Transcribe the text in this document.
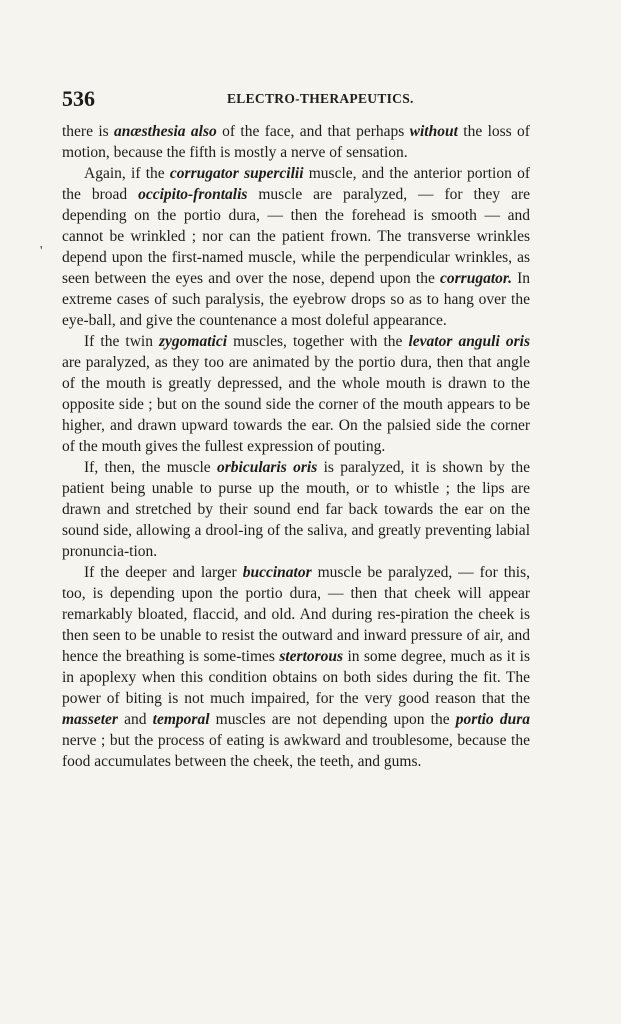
536	ELECTRO-THERAPEUTICS.
'

there is anæsthesia also of the face, and that perhaps without the loss of motion, because the fifth is mostly a nerve of sensation.

Again, if the corrugator supercilii muscle, and the anterior portion of the broad occipito-frontalis muscle are paralyzed, — for they are depending on the portio dura, — then the forehead is smooth — and cannot be wrinkled ; nor can the patient frown. The transverse wrinkles depend upon the first-named muscle, while the perpendicular wrinkles, as seen between the eyes and over the nose, depend upon the corrugator. In extreme cases of such paralysis, the eyebrow drops so as to hang over the eye-ball, and give the countenance a most doleful appearance.

If the twin zygomatici muscles, together with the levator anguli oris are paralyzed, as they too are animated by the portio dura, then that angle of the mouth is greatly depressed, and the whole mouth is drawn to the opposite side ; but on the sound side the corner of the mouth appears to be higher, and drawn upward towards the ear. On the palsied side the corner of the mouth gives the fullest expression of pouting.

If, then, the muscle orbicularis oris is paralyzed, it is shown by the patient being unable to purse up the mouth, or to whistle ; the lips are drawn and stretched by their sound end far back towards the ear on the sound side, allowing a drool-ing of the saliva, and greatly preventing labial pronuncia-tion.

If the deeper and larger buccinator muscle be paralyzed, — for this, too, is depending upon the portio dura, — then that cheek will appear remarkably bloated, flaccid, and old. And during res-piration the cheek is then seen to be unable to resist the outward and inward pressure of air, and hence the breathing is some-times stertorous in some degree, much as it is in apoplexy when this condition obtains on both sides during the fit. The power of biting is not much impaired, for the very good reason that the masseter and temporal muscles are not depending upon the portio dura nerve ; but the process of eating is awkward and troublesome, because the food accumulates between the cheek, the teeth, and gums.
